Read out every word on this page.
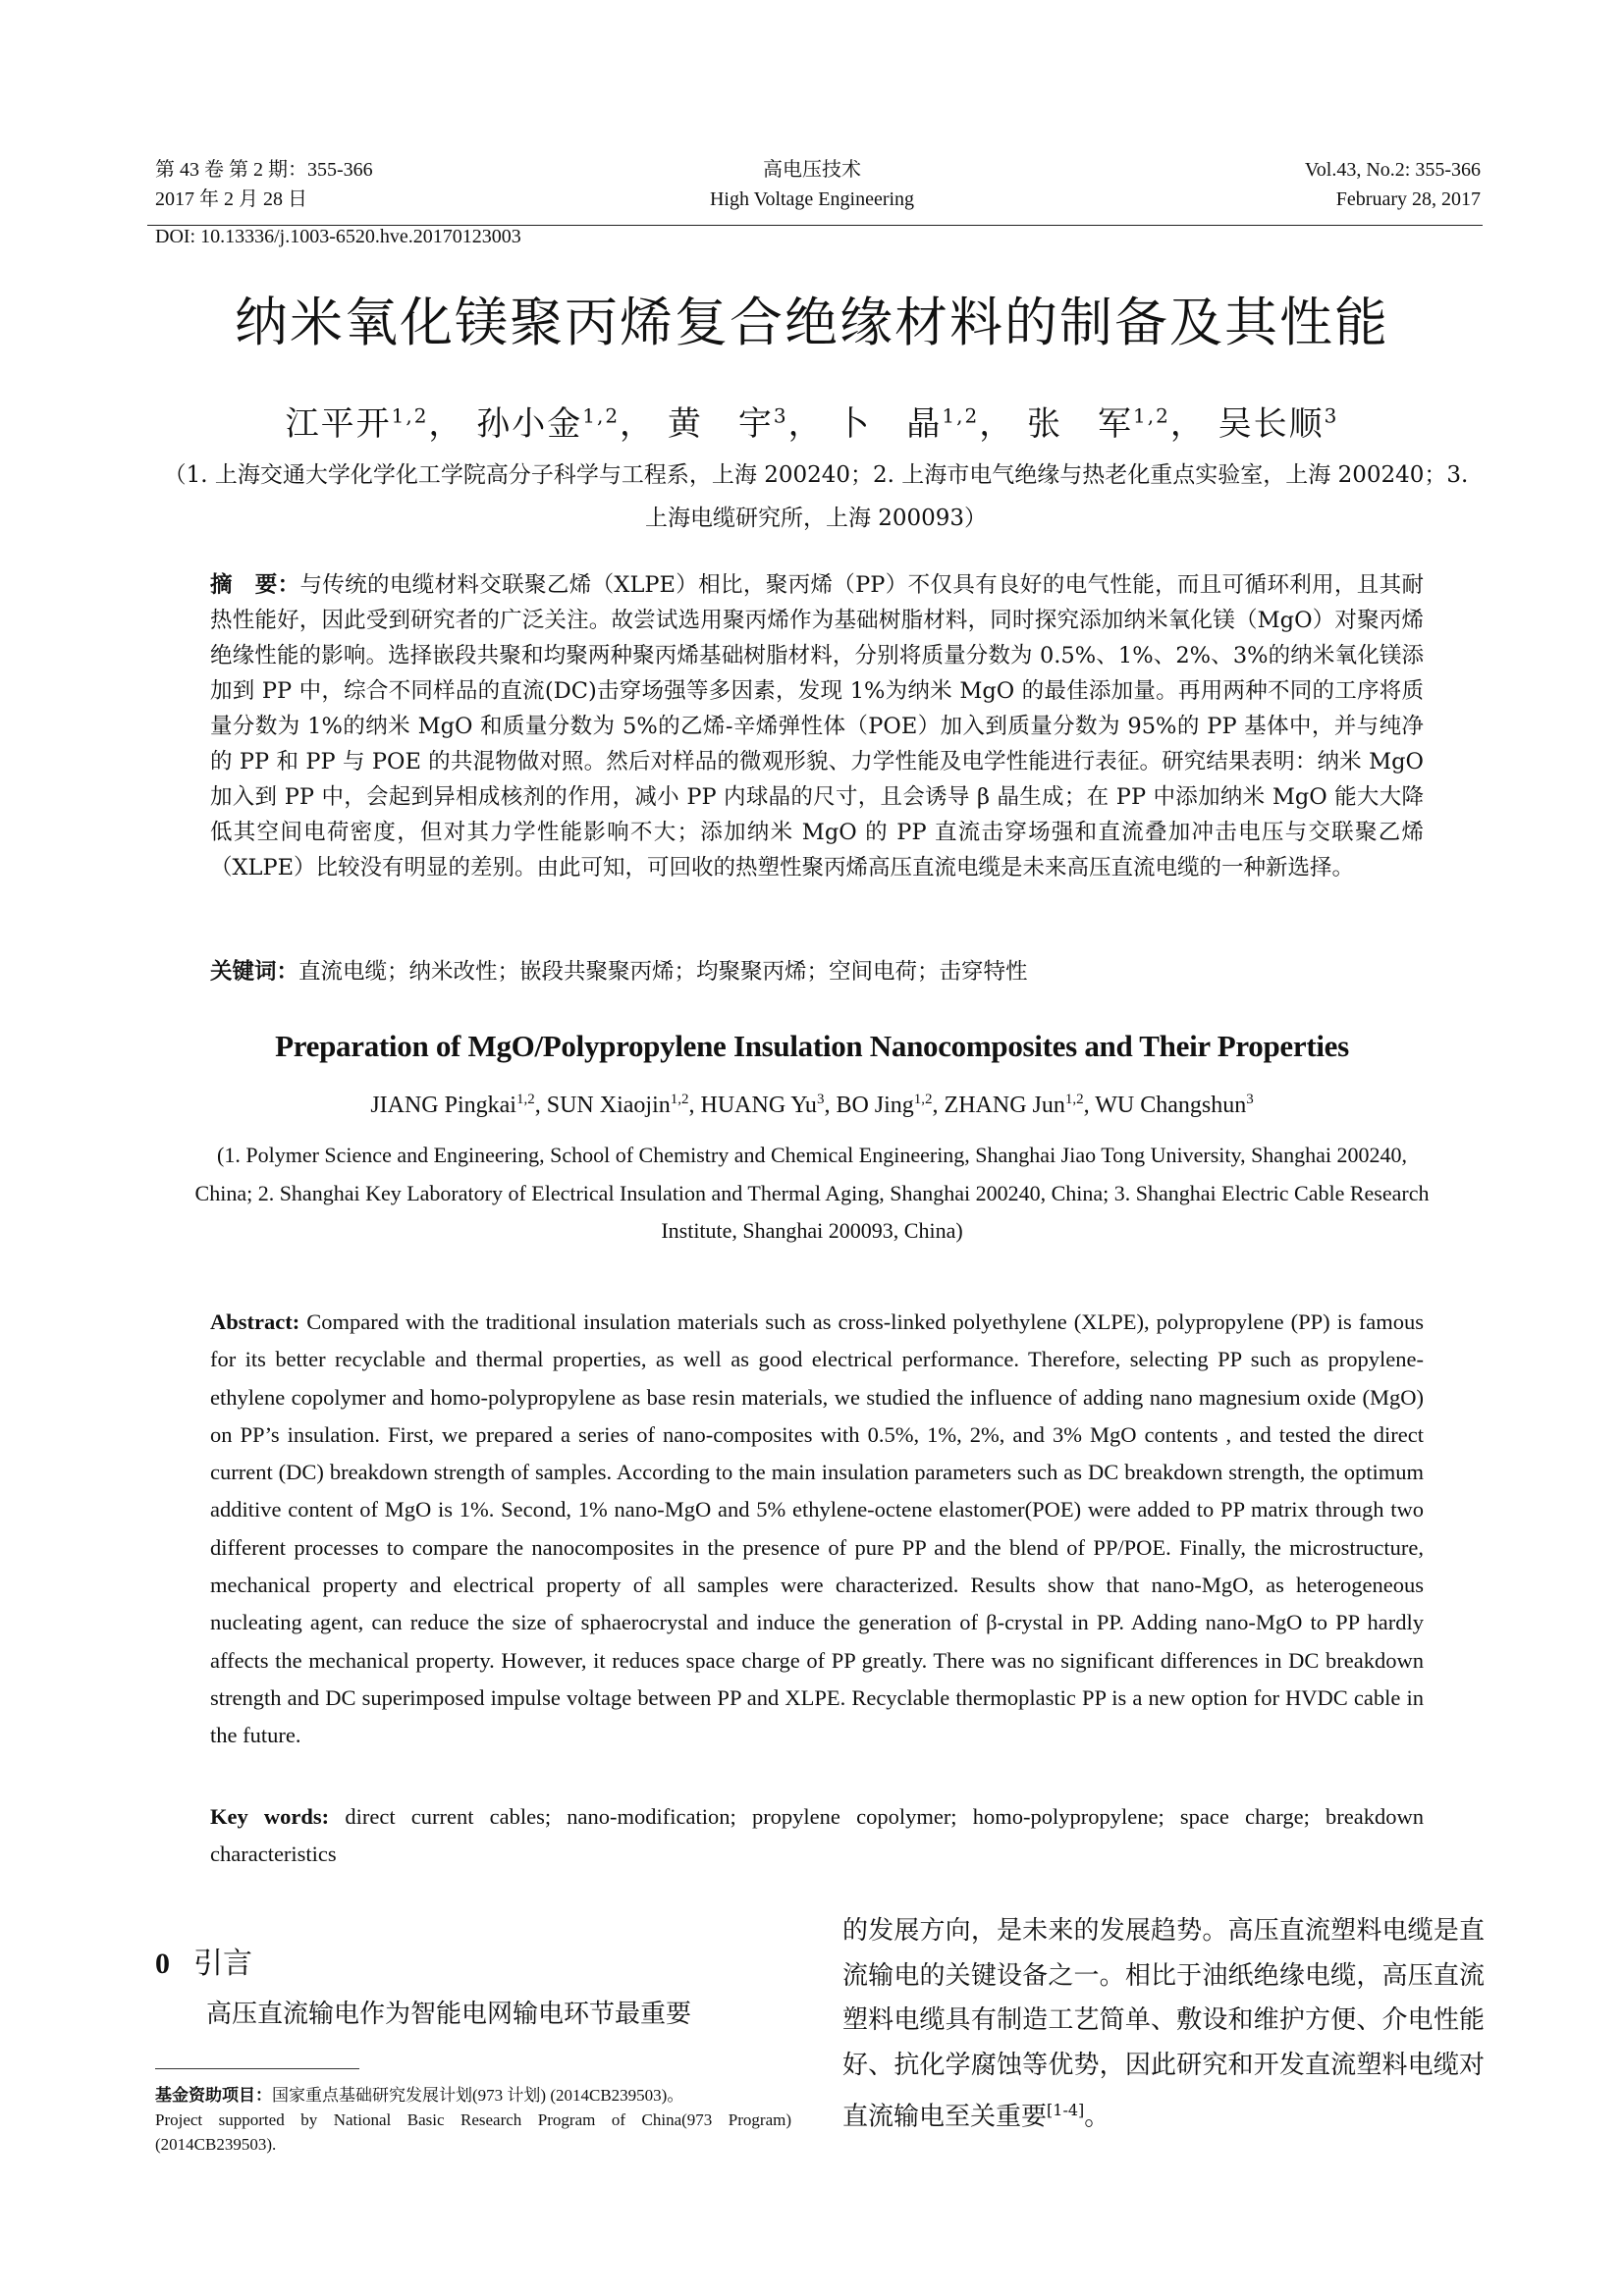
第 43 卷 第 2 期：355-366
2017 年 2 月 28 日
高电压技术
High Voltage Engineering
Vol.43, No.2: 355-366
February 28, 2017
DOI: 10.13336/j.1003-6520.hve.20170123003
纳米氧化镁聚丙烯复合绝缘材料的制备及其性能
江平开$^{1,2}$， 孙小金$^{1,2}$， 黄　宇$^3$， 卜　晶$^{1,2}$， 张　军$^{1,2}$， 吴长顺$^3$
（1. 上海交通大学化学化工学院高分子科学与工程系，上海 200240；2. 上海市电气绝缘与热老化重点实验室，上海 200240；3. 上海电缆研究所，上海 200093）
摘　要：与传统的电缆材料交联聚乙烯（XLPE）相比，聚丙烯（PP）不仅具有良好的电气性能，而且可循环利用，且其耐热性能好，因此受到研究者的广泛关注。故尝试选用聚丙烯作为基础树脂材料，同时探究添加纳米氧化镁（MgO）对聚丙烯绝缘性能的影响。选择嵌段共聚和均聚两种聚丙烯基础树脂材料，分别将质量分数为 0.5%、1%、2%、3%的纳米氧化镁添加到 PP 中，综合不同样品的直流(DC)击穿场强等多因素，发现 1%为纳米 MgO 的最佳添加量。再用两种不同的工序将质量分数为 1%的纳米 MgO 和质量分数为 5%的乙烯-辛烯弹性体（POE）加入到质量分数为 95%的 PP 基体中，并与纯净的 PP 和 PP 与 POE 的共混物做对照。然后对样品的微观形貌、力学性能及电学性能进行表征。研究结果表明：纳米 MgO 加入到 PP 中，会起到异相成核剂的作用，减小 PP 内球晶的尺寸，且会诱导 β 晶生成；在 PP 中添加纳米 MgO 能大大降低其空间电荷密度，但对其力学性能影响不大；添加纳米 MgO 的 PP 直流击穿场强和直流叠加冲击电压与交联聚乙烯（XLPE）比较没有明显的差别。由此可知，可回收的热塑性聚丙烯高压直流电缆是未来高压直流电缆的一种新选择。
关键词：直流电缆；纳米改性；嵌段共聚聚丙烯；均聚聚丙烯；空间电荷；击穿特性
Preparation of MgO/Polypropylene Insulation Nanocomposites and Their Properties
JIANG Pingkai$^{1,2}$, SUN Xiaojin$^{1,2}$, HUANG Yu$^3$, BO Jing$^{1,2}$, ZHANG Jun$^{1,2}$, WU Changshun$^3$
(1. Polymer Science and Engineering, School of Chemistry and Chemical Engineering, Shanghai Jiao Tong University, Shanghai 200240, China; 2. Shanghai Key Laboratory of Electrical Insulation and Thermal Aging, Shanghai 200240, China; 3. Shanghai Electric Cable Research Institute, Shanghai 200093, China)
Abstract: Compared with the traditional insulation materials such as cross-linked polyethylene (XLPE), polypropylene (PP) is famous for its better recyclable and thermal properties, as well as good electrical performance. Therefore, selecting PP such as propylene-ethylene copolymer and homo-polypropylene as base resin materials, we studied the influence of adding nano magnesium oxide (MgO) on PP’s insulation. First, we prepared a series of nano-composites with 0.5%, 1%, 2%, and 3% MgO contents , and tested the direct current (DC) breakdown strength of samples. According to the main insulation parameters such as DC breakdown strength, the optimum additive content of MgO is 1%. Second, 1% nano-MgO and 5% ethylene-octene elastomer(POE) were added to PP matrix through two different processes to compare the nanocomposites in the presence of pure PP and the blend of PP/POE. Finally, the microstructure, mechanical property and electrical property of all samples were characterized. Results show that nano-MgO, as heterogeneous nucleating agent, can reduce the size of sphaerocrystal and induce the generation of β-crystal in PP. Adding nano-MgO to PP hardly affects the mechanical property. However, it reduces space charge of PP greatly. There was no significant differences in DC breakdown strength and DC superimposed impulse voltage between PP and XLPE. Recyclable thermoplastic PP is a new option for HVDC cable in the future.
Key words: direct current cables; nano-modification; propylene copolymer; homo-polypropylene; space charge; breakdown characteristics
0 引言
高压直流输电作为智能电网输电环节最重要
基金资助项目：国家重点基础研究发展计划(973 计划) (2014CB239503)。
Project supported by National Basic Research Program of China(973 Program) (2014CB239503).
的发展方向，是未来的发展趋势。高压直流塑料电缆是直流输电的关键设备之一。相比于油纸绝缘电缆，高压直流塑料电缆具有制造工艺简单、敷设和维护方便、介电性能好、抗化学腐蚀等优势，因此研究和开发直流塑料电缆对直流输电至关重要[1-4]。
